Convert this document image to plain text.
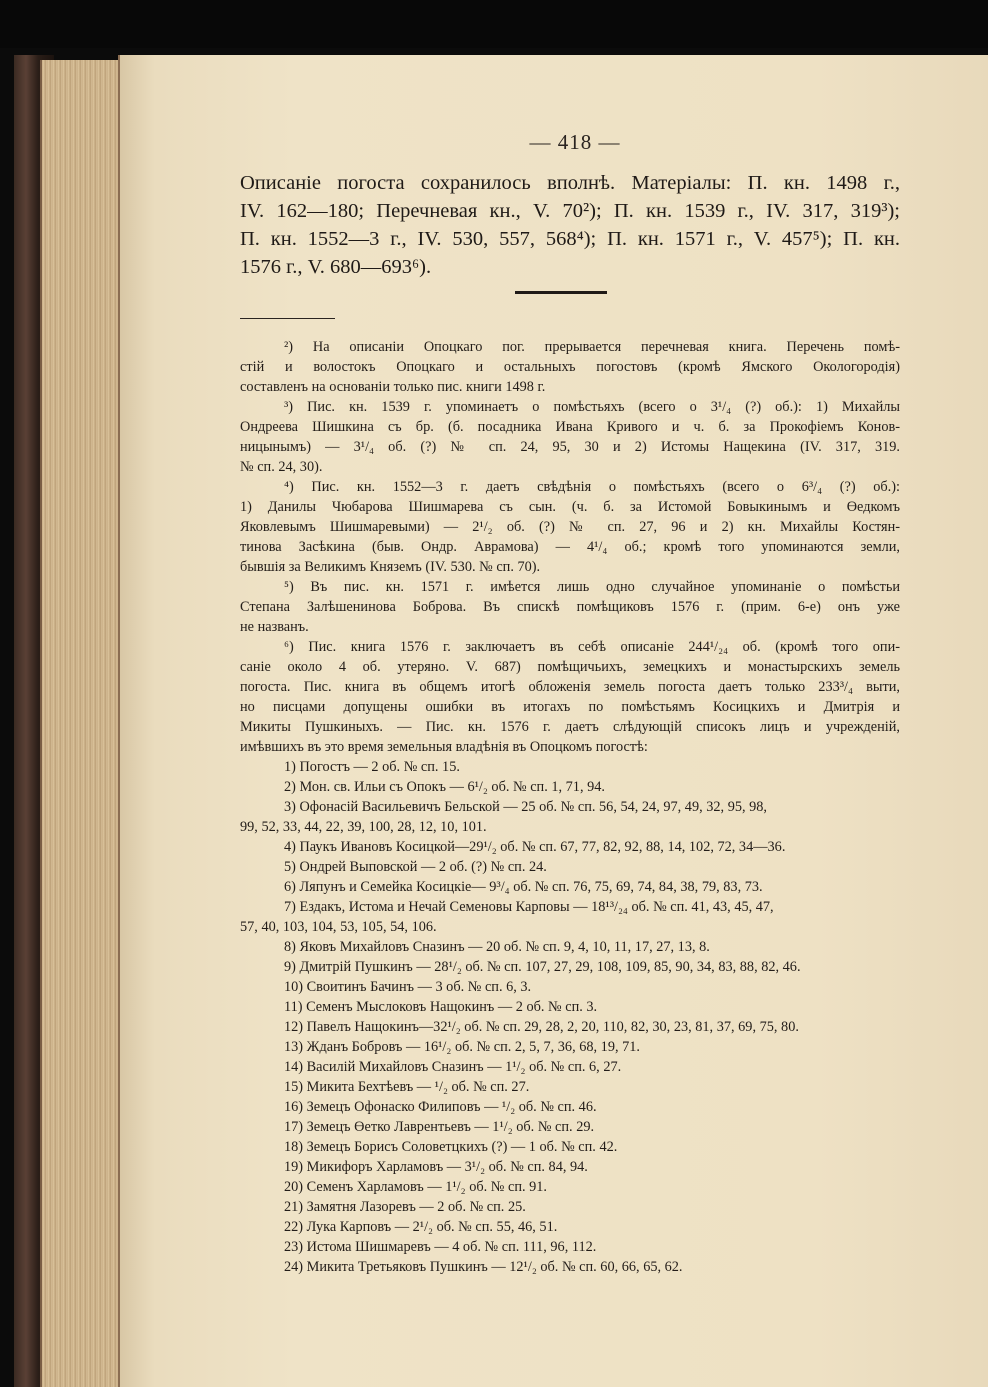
— 418 —
Описаніе погоста сохранилось вполнѣ. Матеріалы: П. кн. 1498 г.,
IV. 162—180; Перечневая кн., V. 70²); П. кн. 1539 г., IV. 317, 319³);
П. кн. 1552—3 г., IV. 530, 557, 568⁴); П. кн. 1571 г., V. 457⁵); П. кн.
1576 г., V. 680—693⁶).
²) На описаніи Опоцкаго пог. прерывается перечневая книга. Перечень помѣ-
стій и волостокъ Опоцкаго и остальныхъ погостовъ (кромѣ Ямского Окологородія)
составленъ на основаніи только пис. книги 1498 г.
³) Пис. кн. 1539 г. упоминаетъ о помѣстьяхъ (всего о 3¹/₄ (?) об.): 1) Михайлы
Ондреева Шишкина съ бр. (б. посадника Ивана Кривого и ч. б. за Прокофіемъ Конов-
ницынымъ) — 3¹/₄ об. (?) № сп. 24, 95, 30 и 2) Истомы Нащекина (IV. 317, 319.
№ сп. 24, 30).
⁴) Пис. кн. 1552—3 г. даетъ свѣдѣнія о помѣстьяхъ (всего о 6³/₄ (?) об.):
1) Данилы Чюбарова Шишмарева съ сын. (ч. б. за Истомой Бовыкинымъ и Өедкомъ
Яковлевымъ Шишмаревыми) — 2¹/₂ об. (?) № сп. 27, 96 и 2) кн. Михайлы Костян-
тинова Засѣкина (быв. Ондр. Аврамова) — 4¹/₄ об.; кромѣ того упоминаются земли,
бывшія за Великимъ Княземъ (IV. 530. № сп. 70).
⁵) Въ пис. кн. 1571 г. имѣется лишь одно случайное упоминаніе о помѣстьи
Степана Залѣшенинова Боброва. Въ спискѣ помѣщиковъ 1576 г. (прим. 6-е) онъ уже
не названъ.
⁶) Пис. книга 1576 г. заключаетъ въ себѣ описаніе 244¹/₂₄ об. (кромѣ того опи-
саніе около 4 об. утеряно. V. 687) помѣщичьихъ, земецкихъ и монастырскихъ земель
погоста. Пис. книга въ общемъ итогѣ обложенія земель погоста даетъ только 233³/₄ выти,
но писцами допущены ошибки въ итогахъ по помѣстьямъ Косицкихъ и Дмитрія и
Микиты Пушкиныхъ. — Пис. кн. 1576 г. даетъ слѣдующій списокъ лицъ и учрежденій,
имѣвшихъ въ это время земельныя владѣнія въ Опоцкомъ погостѣ:
1) Погостъ — 2 об. № сп. 15.
2) Мон. св. Ильи съ Опокъ — 6¹/₂ об. № сп. 1, 71, 94.
3) Офонасій Васильевичъ Бельской — 25 об. № сп. 56, 54, 24, 97, 49, 32, 95, 98,
99, 52, 33, 44, 22, 39, 100, 28, 12, 10, 101.
4) Паукъ Ивановъ Косицкой—29¹/₂ об. № сп. 67, 77, 82, 92, 88, 14, 102, 72, 34—36.
5) Ондрей Выповской — 2 об. (?) № сп. 24.
6) Ляпунъ и Семейка Косицкіе— 9³/₄ об. № сп. 76, 75, 69, 74, 84, 38, 79, 83, 73.
7) Ездакъ, Истома и Нечай Семеновы Карповы — 18¹³/₂₄ об. № сп. 41, 43, 45, 47,
57, 40, 103, 104, 53, 105, 54, 106.
8) Яковъ Михайловъ Сназинъ — 20 об. № сп. 9, 4, 10, 11, 17, 27, 13, 8.
9) Дмитрій Пушкинъ — 28¹/₂ об. № сп. 107, 27, 29, 108, 109, 85, 90, 34, 83, 88, 82, 46.
10) Своитинъ Бачинъ — 3 об. № сп. 6, 3.
11) Семенъ Мыслоковъ Нащокинъ — 2 об. № сп. 3.
12) Павелъ Нащокинъ—32¹/₂ об. № сп. 29, 28, 2, 20, 110, 82, 30, 23, 81, 37, 69, 75, 80.
13) Жданъ Бобровъ — 16¹/₂ об. № сп. 2, 5, 7, 36, 68, 19, 71.
14) Василій Михайловъ Сназинъ — 1¹/₂ об. № сп. 6, 27.
15) Микита Бехтѣевъ — ¹/₂ об. № сп. 27.
16) Земецъ Офонаско Филиповъ — ¹/₂ об. № сп. 46.
17) Земецъ Өетко Лаврентьевъ — 1¹/₂ об. № сп. 29.
18) Земецъ Борисъ Соловетцкихъ (?) — 1 об. № сп. 42.
19) Микифоръ Харламовъ — 3¹/₂ об. № сп. 84, 94.
20) Семенъ Харламовъ — 1¹/₂ об. № сп. 91.
21) Замятня Лазоревъ — 2 об. № сп. 25.
22) Лука Карповъ — 2¹/₂ об. № сп. 55, 46, 51.
23) Истома Шишмаревъ — 4 об. № сп. 111, 96, 112.
24) Микита Третьяковъ Пушкинъ — 12¹/₂ об. № сп. 60, 66, 65, 62.
